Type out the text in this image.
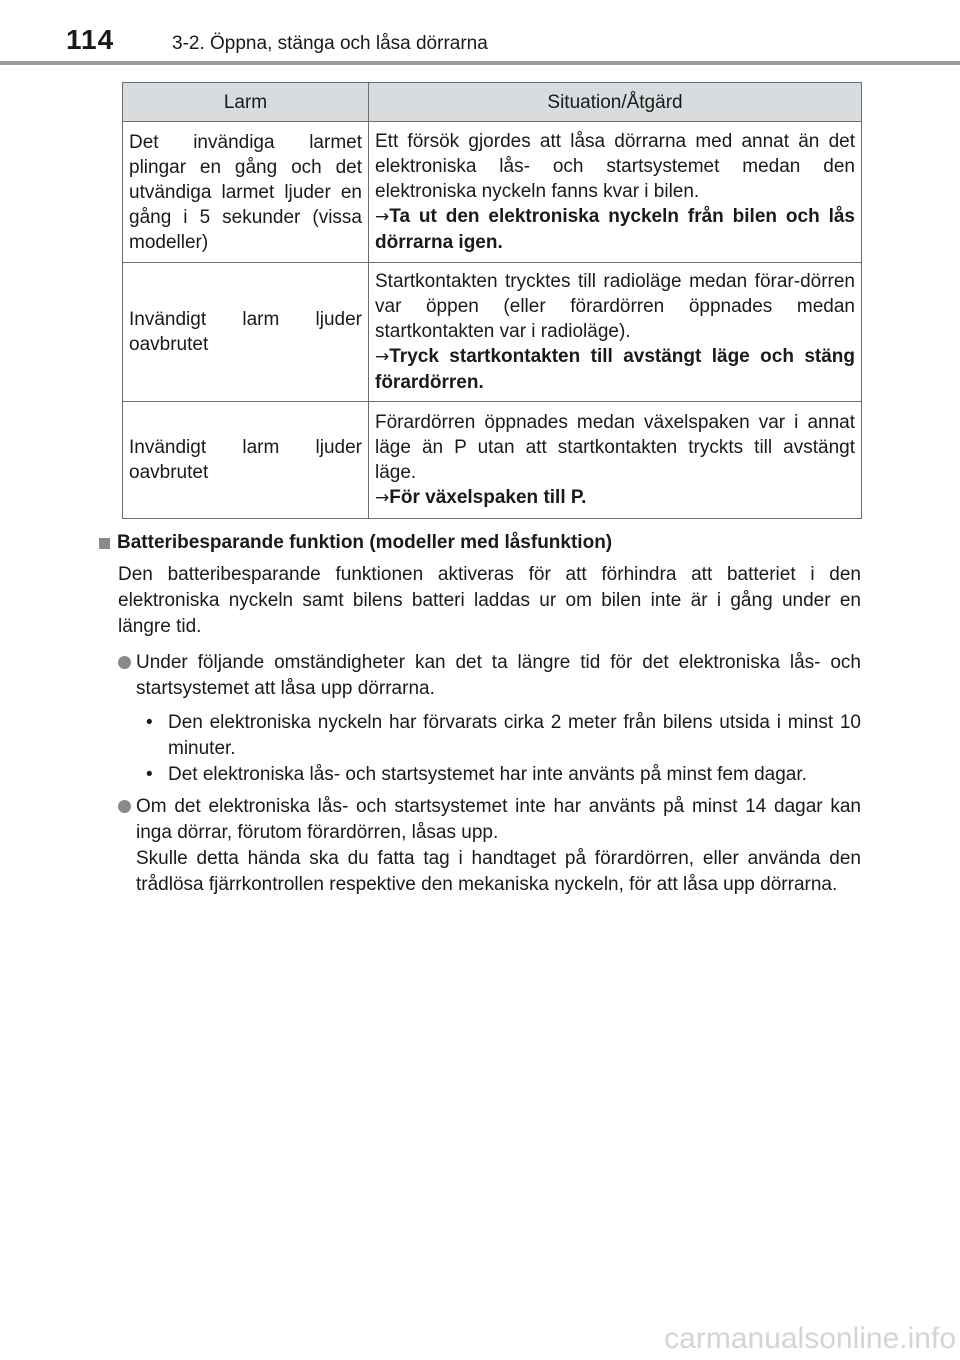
114	3-2. Öppna, stänga och låsa dörrarna
Larm	Situation/Åtgärd
Det invändiga larmet plingar en gång och det utvändiga larmet ljuder en gång i 5 sekunder (vissa modeller)	Ett försök gjordes att låsa dörrarna med annat än det elektroniska lås- och startsystemet medan den elektroniska nyckeln fanns kvar i bilen.
→Ta ut den elektroniska nyckeln från bilen och lås dörrarna igen.
Invändigt larm ljuder oavbrutet	Startkontakten trycktes till radioläge medan förar-dörren var öppen (eller förardörren öppnades medan startkontakten var i radioläge).
→Tryck startkontakten till avstängt läge och stäng förardörren.
Invändigt larm ljuder oavbrutet	Förardörren öppnades medan växelspaken var i annat läge än P utan att startkontakten tryckts till avstängt läge.
→För växelspaken till P.
Batteribesparande funktion (modeller med låsfunktion)
Den batteribesparande funktionen aktiveras för att förhindra att batteriet i den elektroniska nyckeln samt bilens batteri laddas ur om bilen inte är i gång under en längre tid.
Under följande omständigheter kan det ta längre tid för det elektroniska lås- och startsystemet att låsa upp dörrarna.
• Den elektroniska nyckeln har förvarats cirka 2 meter från bilens utsida i minst 10 minuter.
• Det elektroniska lås- och startsystemet har inte använts på minst fem dagar.
Om det elektroniska lås- och startsystemet inte har använts på minst 14 dagar kan inga dörrar, förutom förardörren, låsas upp.
Skulle detta hända ska du fatta tag i handtaget på förardörren, eller använda den trådlösa fjärrkontrollen respektive den mekaniska nyckeln, för att låsa upp dörrarna.
carmanualsonline.info
